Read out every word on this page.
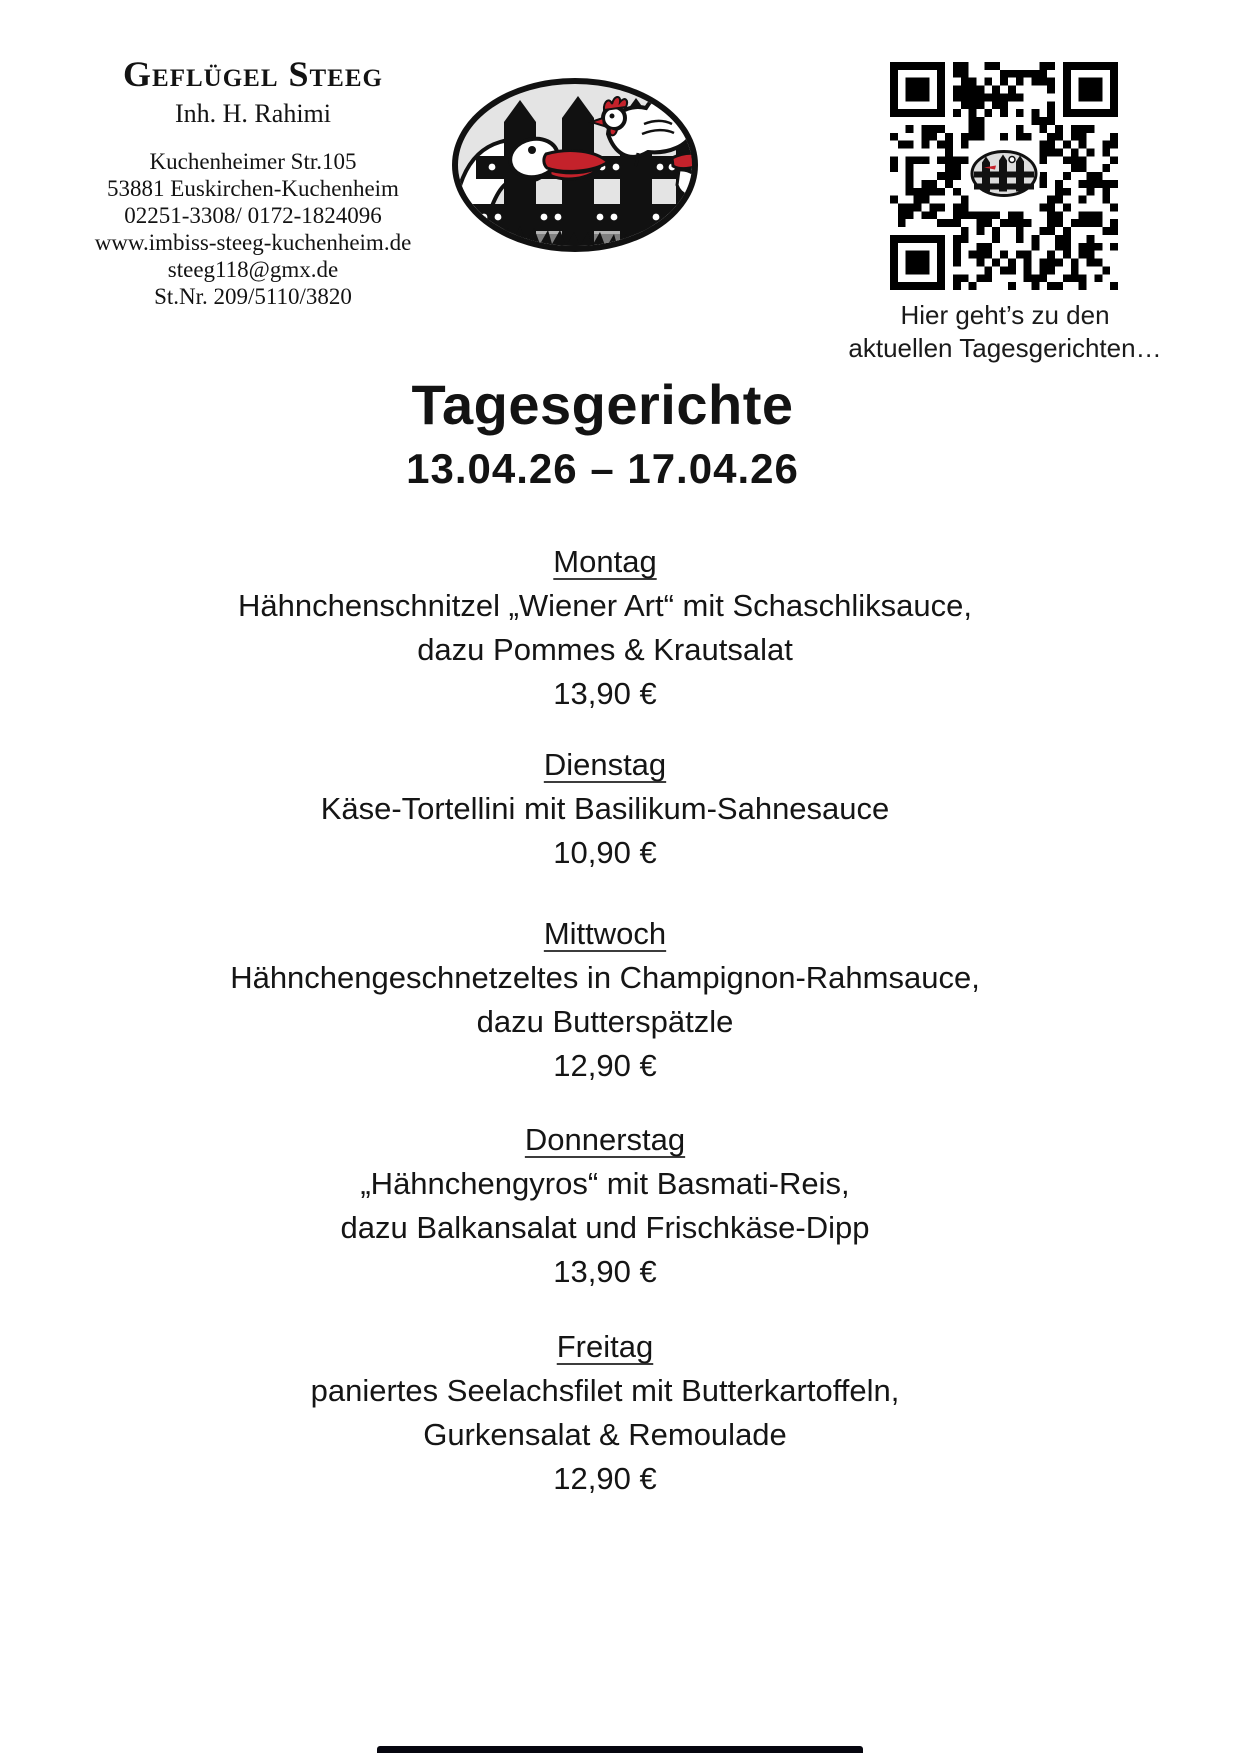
Geflügel Steeg
Inh. H. Rahimi
Kuchenheimer Str.105
53881 Euskirchen-Kuchenheim
02251-3308/ 0172-1824096
www.imbiss-steeg-kuchenheim.de
steeg118@gmx.de
St.Nr. 209/5110/3820
Hier geht’s zu den
aktuellen Tagesgerichten…
Tagesgerichte
13.04.26 – 17.04.26
Montag
Hähnchenschnitzel „Wiener Art“ mit Schaschliksauce,
dazu Pommes & Krautsalat
13,90 €
Dienstag
Käse-Tortellini mit Basilikum-Sahnesauce
10,90 €
Mittwoch
Hähnchengeschnetzeltes in Champignon-Rahmsauce,
dazu Butterspätzle
12,90 €
Donnerstag
„Hähnchengyros“ mit Basmati-Reis,
dazu Balkansalat und Frischkäse-Dipp
13,90 €
Freitag
paniertes Seelachsfilet mit Butterkartoffeln,
Gurkensalat & Remoulade
12,90 €
